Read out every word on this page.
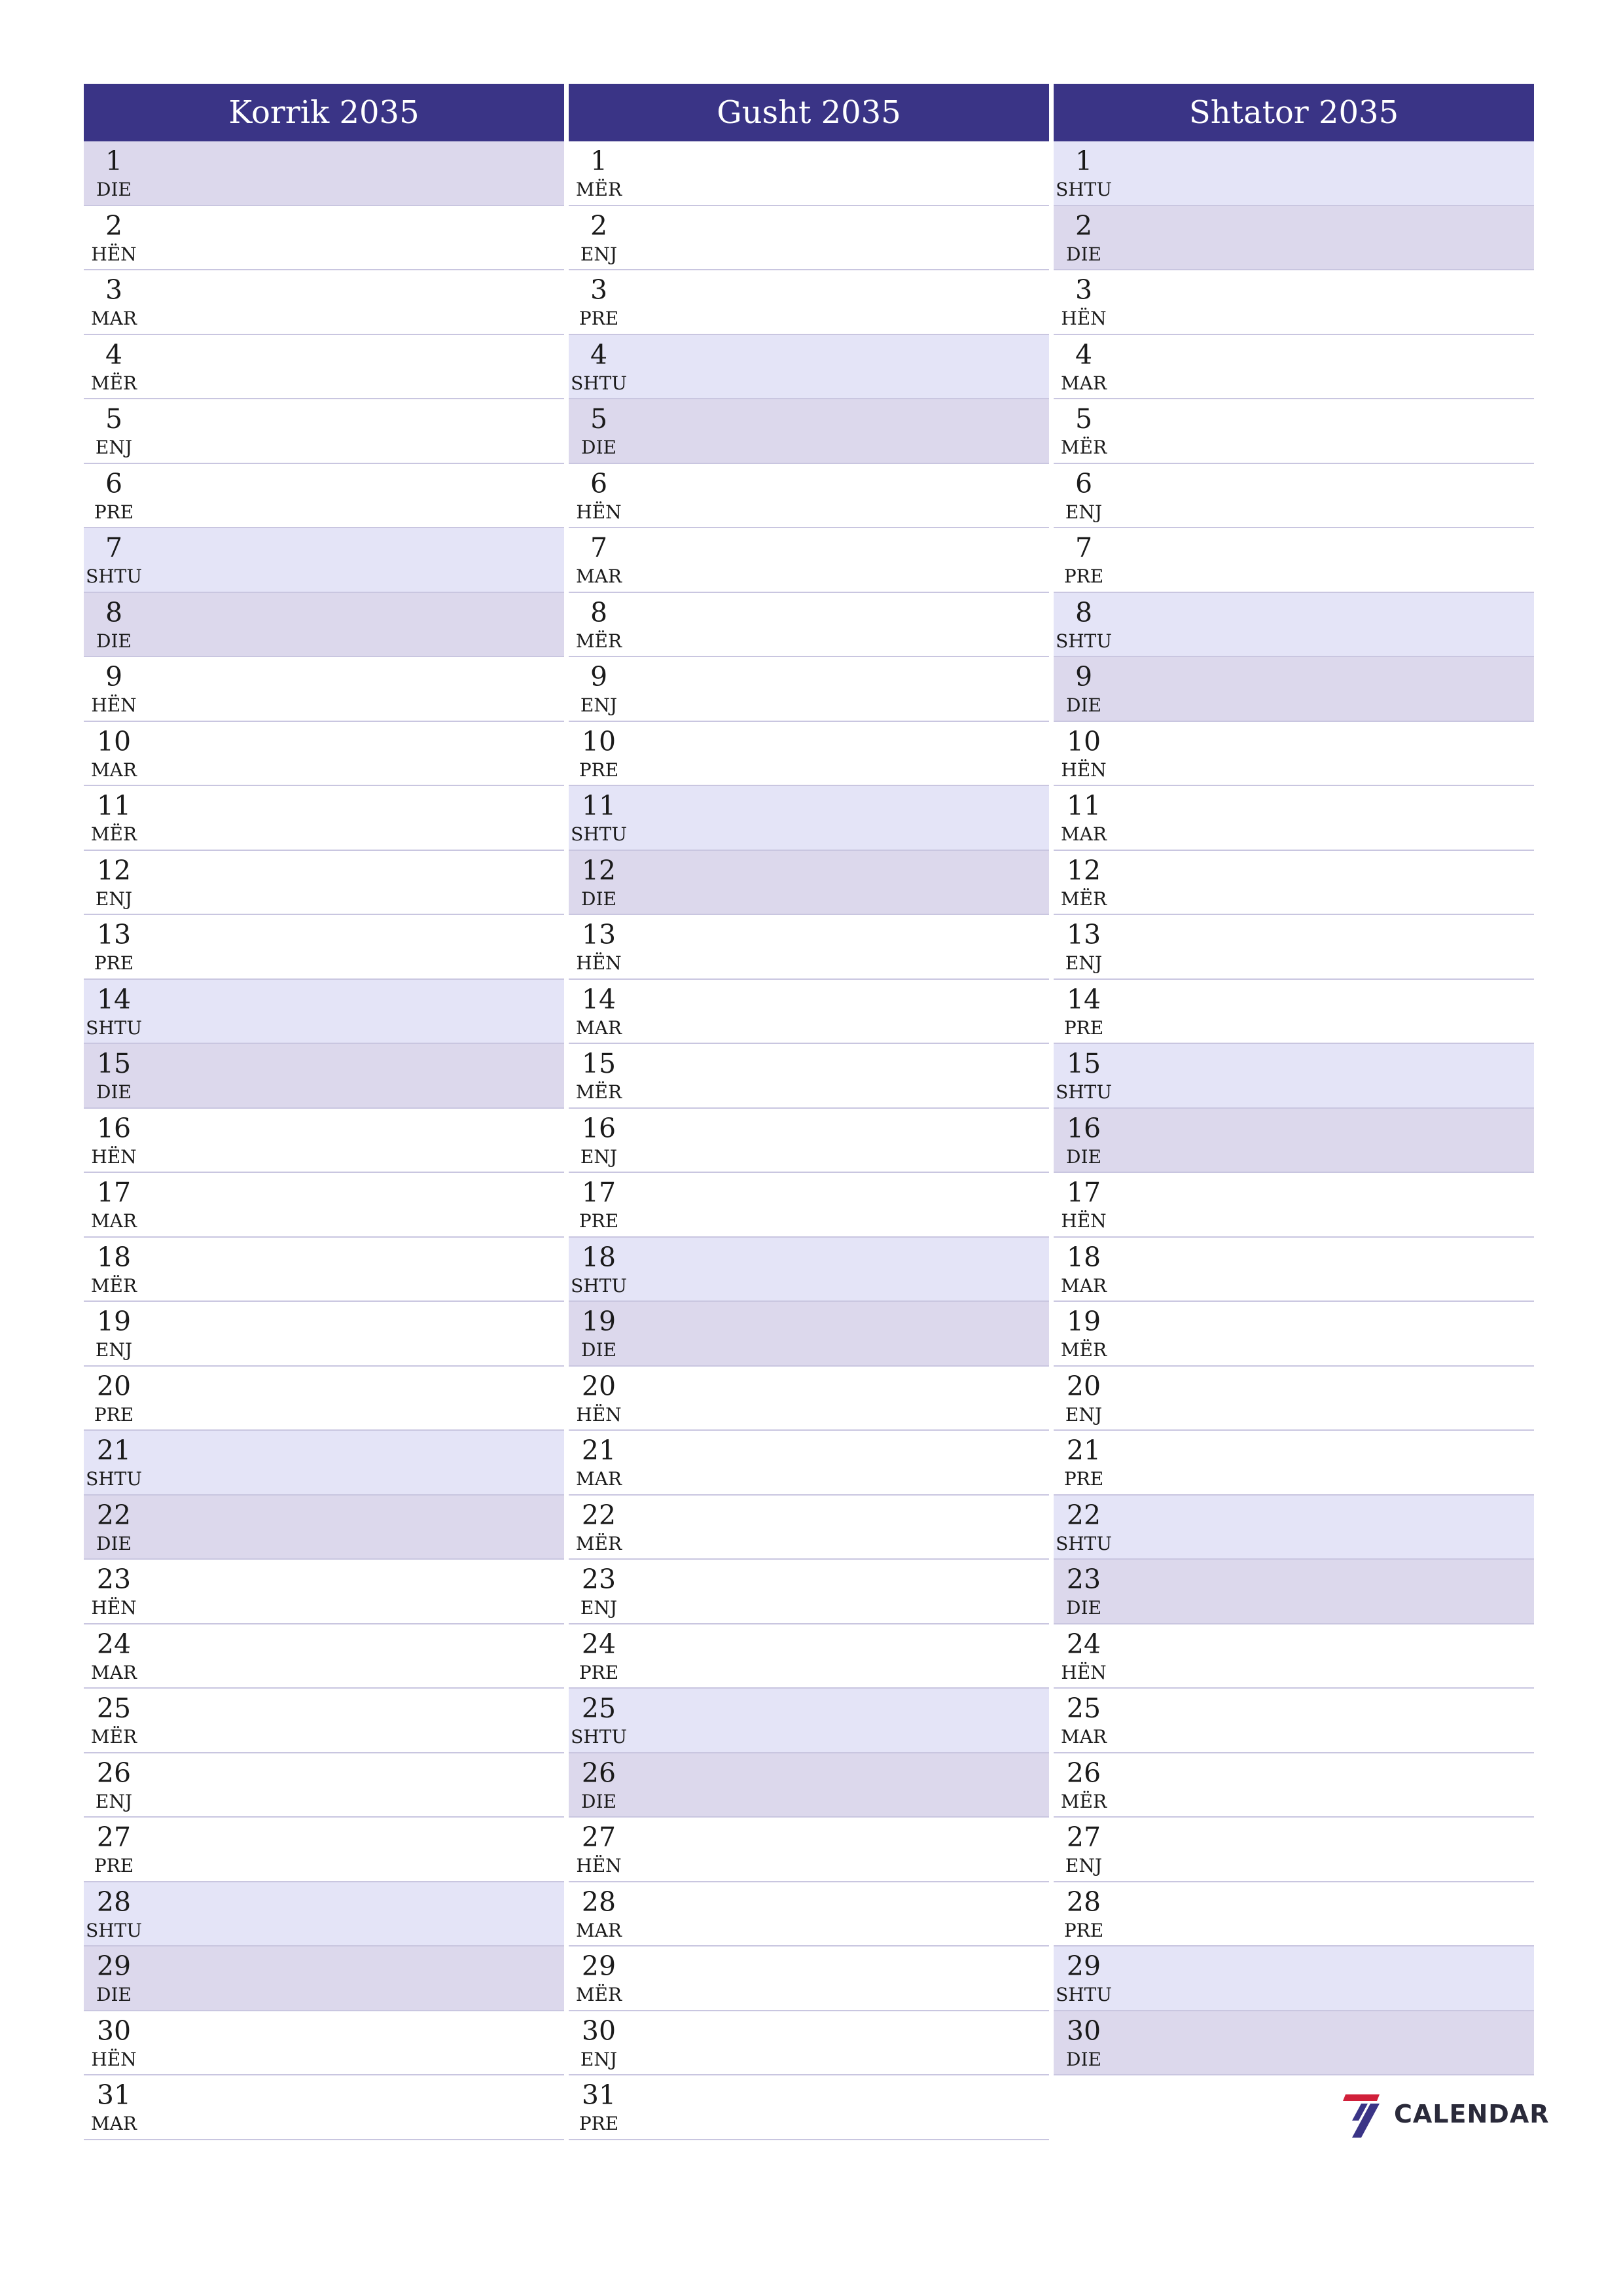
Korrik 2035
1
DIE
2
HËN
3
MAR
4
MËR
5
ENJ
6
PRE
7
SHTU
8
DIE
9
HËN
10
MAR
11
MËR
12
ENJ
13
PRE
14
SHTU
15
DIE
16
HËN
17
MAR
18
MËR
19
ENJ
20
PRE
21
SHTU
22
DIE
23
HËN
24
MAR
25
MËR
26
ENJ
27
PRE
28
SHTU
29
DIE
30
HËN
31
MAR
Gusht 2035
1
MËR
2
ENJ
3
PRE
4
SHTU
5
DIE
6
HËN
7
MAR
8
MËR
9
ENJ
10
PRE
11
SHTU
12
DIE
13
HËN
14
MAR
15
MËR
16
ENJ
17
PRE
18
SHTU
19
DIE
20
HËN
21
MAR
22
MËR
23
ENJ
24
PRE
25
SHTU
26
DIE
27
HËN
28
MAR
29
MËR
30
ENJ
31
PRE
Shtator 2035
1
SHTU
2
DIE
3
HËN
4
MAR
5
MËR
6
ENJ
7
PRE
8
SHTU
9
DIE
10
HËN
11
MAR
12
MËR
13
ENJ
14
PRE
15
SHTU
16
DIE
17
HËN
18
MAR
19
MËR
20
ENJ
21
PRE
22
SHTU
23
DIE
24
HËN
25
MAR
26
MËR
27
ENJ
28
PRE
29
SHTU
30
DIE
CALENDAR
